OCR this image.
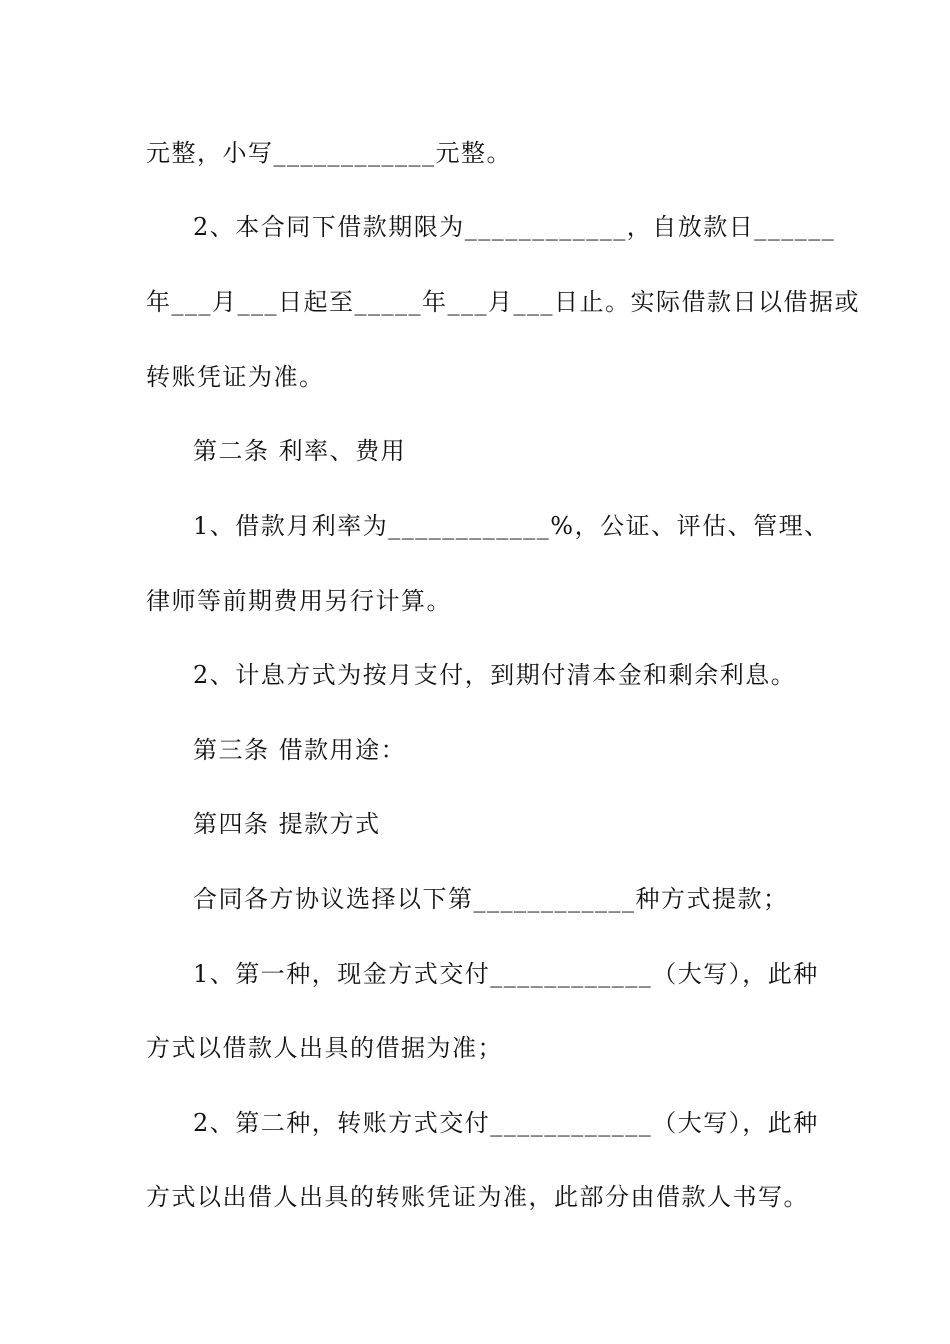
元整，小写____________元整。
2、本合同下借款期限为____________，自放款日______
年___月___日起至_____年___月___日止。实际借款日以借据或
转账凭证为准。
第二条 利率、费用
1、借款月利率为____________%，公证、评估、管理、
律师等前期费用另行计算。
2、计息方式为按月支付，到期付清本金和剩余利息。
第三条 借款用途：
第四条 提款方式
合同各方协议选择以下第____________种方式提款；
1、第一种，现金方式交付____________（大写），此种
方式以借款人出具的借据为准；
2、第二种，转账方式交付____________（大写），此种
方式以出借人出具的转账凭证为准，此部分由借款人书写。
